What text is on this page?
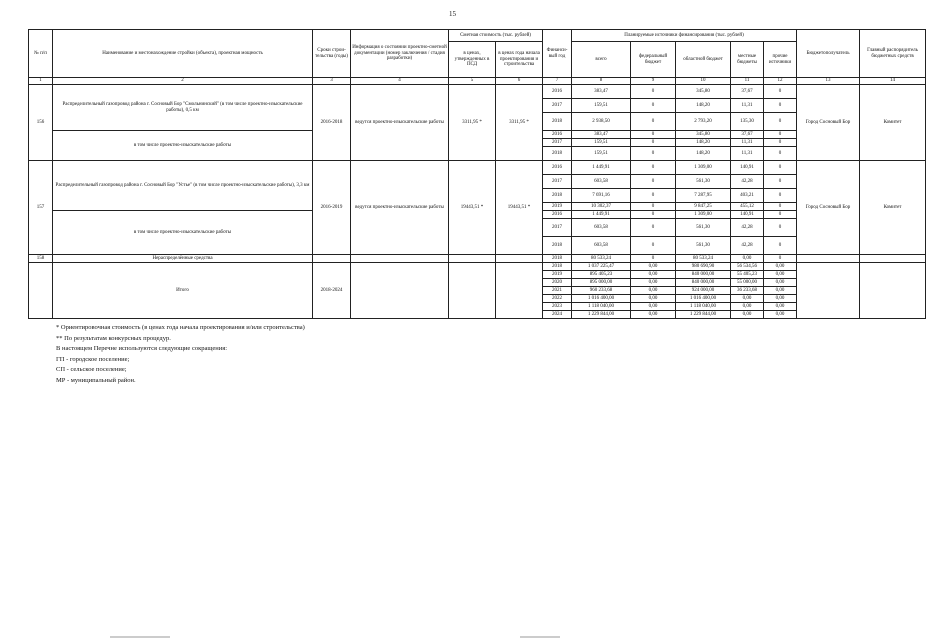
15
№ п/п	Наименование и местонахождение стройки (объекта), проектная мощность	Сроки строи-тельства (годы)	Информация о состоянии проектно-сметной документации (номер заключения / стадия разработки)	Сметная стоимость (тыс. рублей)		Финанси-вый год	Планируемые источники финансирования (тыс. рублей)					Бюджетополучатель	Главный распорядитель бюджетных средств
				в ценах, утвержденных в ПСД	в ценах года начала проектирования и строительства		всего	федеральный бюджет	областной бюджет	местные бюджеты	прочие источники		
1	2	3	4	5	6	7	8	9	10	11	12	13	14
156	Распределительный газопровод района г. Сосновый Бор "Смольнинский" (в том числе проектно-изыскательские работы), 0,5 км	2016-2018	ведутся проектно-изыскательские работы	3311,95 *	3311,95 *	2016	383,47	0	345,80	37,67	0	Город Сосновый Бор	Комитет
						2017	159,51	0	148,20	11,31	0		
						2018	2 938,50	0	2 793,20	135,30	0		
	в том числе проектно-изыскательские работы					2016	383,47	0	345,80	37,67	0		
						2017	159,51	0	148,20	11,31	0		
						2018	159,51	0	148,20	11,31	0		
157	Распределительный газопровод района г. Сосновый Бор "Устье" (в том числе проектно-изыскательские работы), 3,3 км	2016-2019	ведутся проектно-изыскательские работы	19443,51 *	19443,51 *	2016	1 449,91	0	1 309,00	140,91	0	Город Сосновый Бор	Комитет
						2017	603,58	0	561,30	42,28	0		
						2018	7 691,16	0	7 287,95	403,21	0		
						2019	10 302,37	0	9 847,25	455,12	0		
	в том числе проектно-изыскательские работы					2016	1 449,91	0	1 309,00	140,91	0		
						2017	603,58	0	561,30	42,28	0		
						2018	603,58	0	561,30	42,28	0		
158	Нераспределённые средства					2018	80 533,24	0	80 533,24	0,00	0		
	Итого	2018-2024				2018	1 037 225,47	0,00	980 690,90	56 534,56	0,00		
						2019	895 405,23	0,00	840 000,00	55 405,23	0,00		
						2020	895 000,00	0,00	840 000,00	55 000,00	0,00		
						2021	960 233,68	0,00	924 000,00	36 233,68	0,00		
						2022	1 016 400,00	0,00	1 016 400,00	0,00	0,00		
						2023	1 118 040,00	0,00	1 118 040,00	0,00	0,00		
						2024	1 229 844,00	0,00	1 229 844,00	0,00	0,00		
* Ориентировочная стоимость (в ценах года начала проектирования и/или строительства)
** По результатам конкурсных процедур.
В настоящем Перечне используются следующие сокращения:
ГП - городское поселение;
СП - сельское поселение;
МР - муниципальный район.
